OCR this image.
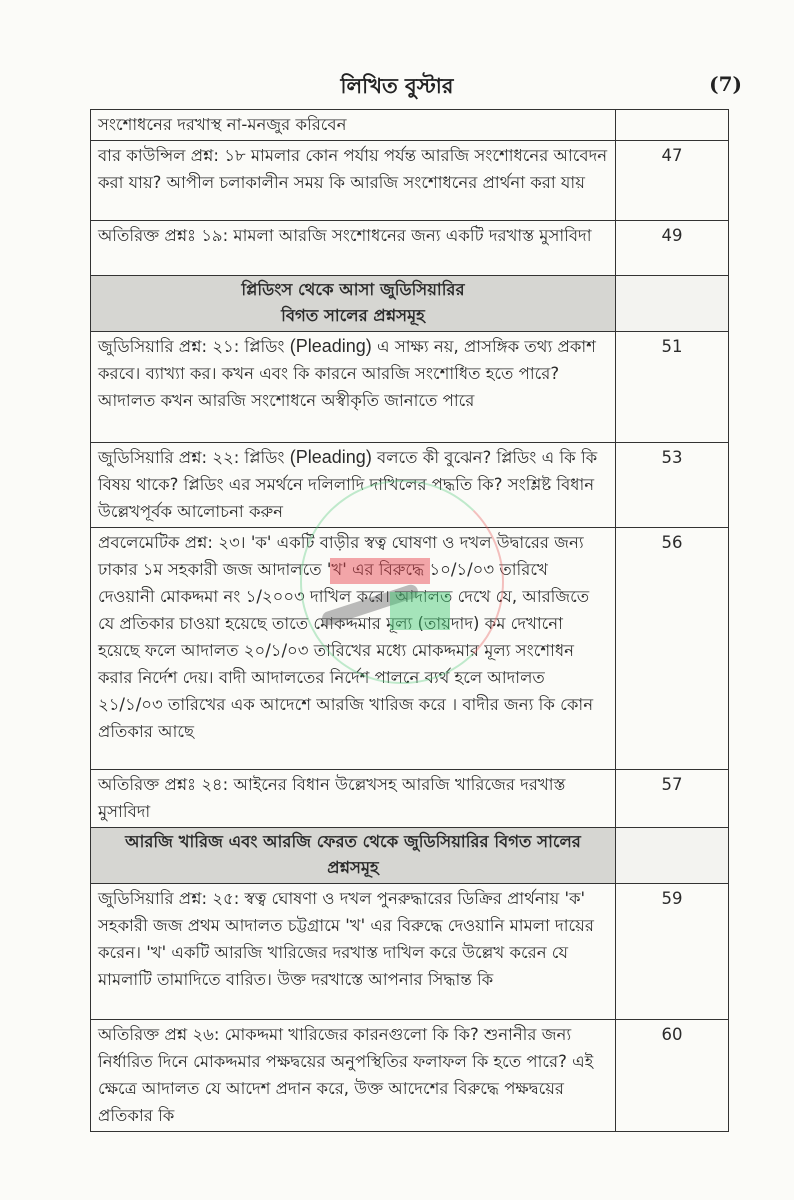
লিখিত বুস্টার	(7)
সংশোধনের দরখাস্থ না-মনজুর করিবেন	
বার কাউন্সিল প্রশ্ন: ১৮ মামলার কোন পর্যায় পর্যন্ত আরজি সংশোধনের আবেদন করা যায়? আপীল চলাকালীন সময় কি আরজি সংশোধনের প্রার্থনা করা যায়	47
অতিরিক্ত প্রশ্নঃ ১৯: মামলা আরজি সংশোধনের জন্য একটি দরখাস্ত মুসাবিদা	49

প্লিডিংস থেকে আসা জুডিসিয়ারির
বিগত সালের প্রশ্নসমূহ	

জুডিসিয়ারি প্রশ্ন: ২১: প্লিডিং (Pleading) এ সাক্ষ্য নয়, প্রাসঙ্গিক তথ্য প্রকাশ করবে। ব্যাখ্যা কর। কখন এবং কি কারনে আরজি সংশোধিত হতে পারে? আদালত কখন আরজি সংশোধনে অস্বীকৃতি জানাতে পারে	51
জুডিসিয়ারি প্রশ্ন: ২২: প্লিডিং (Pleading) বলতে কী বুঝেন? প্লিডিং এ কি কি বিষয় থাকে? প্লিডিং এর সমর্থনে দলিলাদি দাখিলের পদ্ধতি কি? সংশ্লিষ্ট বিধান উল্লেখপূর্বক আলোচনা করুন	53
প্রবলেমেটিক প্রশ্ন: ২৩। 'ক' একটি বাড়ীর স্বত্ব ঘোষণা ও দখল উদ্বারের জন্য ঢাকার ১ম সহকারী জজ আদালতে 'খ' এর বিরুদ্ধে ১০/১/০৩ তারিখে দেওয়ানী মোকদ্দমা নং ১/২০০৩ দাখিল করে। আদালত দেখে যে, আরজিতে যে প্রতিকার চাওয়া হয়েছে তাতে মোকদ্দমার মূল্য (তায়দাদ) কম দেখানো হয়েছে ফলে আদালত ২০/১/০৩ তারিখের মধ্যে মোকদ্দমার মূল্য সংশোধন করার নির্দেশ দেয়। বাদী আদালতের নির্দেশ পালনে ব্যর্থ হলে আদালত ২১/১/০৩ তারিখের এক আদেশে আরজি খারিজ করে । বাদীর জন্য কি কোন প্রতিকার আছে	56
অতিরিক্ত প্রশ্নঃ ২৪: আইনের বিধান উল্লেখসহ আরজি খারিজের দরখাস্ত মুসাবিদা	57

আরজি খারিজ এবং আরজি ফেরত থেকে জুডিসিয়ারির বিগত সালের
প্রশ্নসমূহ	

জুডিসিয়ারি প্রশ্ন: ২৫: স্বত্ব ঘোষণা ও দখল পুনরুদ্ধারের ডিক্রির প্রার্থনায় 'ক' সহকারী জজ প্রথম আদালত চট্টগ্রামে 'খ' এর বিরুদ্ধে দেওয়ানি মামলা দায়ের করেন। 'খ' একটি আরজি খারিজের দরখাস্ত দাখিল করে উল্লেখ করেন যে মামলাটি তামাদিতে বারিত। উক্ত দরখাস্তে আপনার সিদ্ধান্ত কি	59
অতিরিক্ত প্রশ্ন ২৬: মোকদ্দমা খারিজের কারনগুলো কি কি? শুনানীর জন্য নির্ধারিত দিনে মোকদ্দমার পক্ষদ্বয়ের অনুপস্থিতির ফলাফল কি হতে পারে? এই ক্ষেত্রে আদালত যে আদেশ প্রদান করে, উক্ত আদেশের বিরুদ্ধে পক্ষদ্বয়ের প্রতিকার কি	60
